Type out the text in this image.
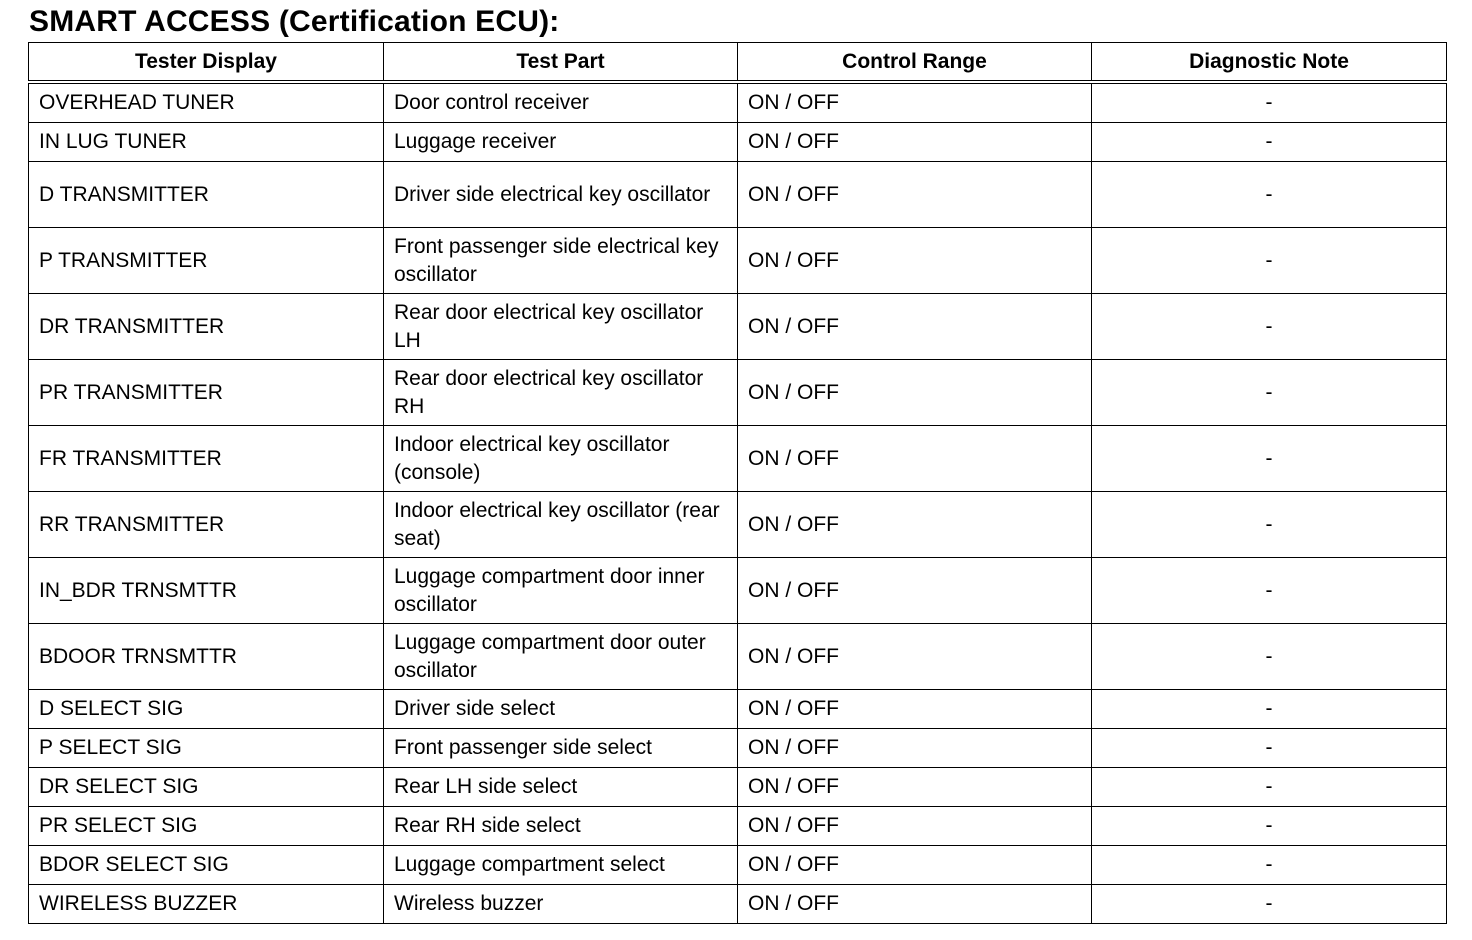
SMART ACCESS (Certification ECU):
Tester Display	Test Part	Control Range	Diagnostic Note
OVERHEAD TUNER	Door control receiver	ON / OFF	-
IN LUG TUNER	Luggage receiver	ON / OFF	-
D TRANSMITTER	Driver side electrical key oscillator	ON / OFF	-
P TRANSMITTER	Front passenger side electrical key oscillator	ON / OFF	-
DR TRANSMITTER	Rear door electrical key oscillator LH	ON / OFF	-
PR TRANSMITTER	Rear door electrical key oscillator RH	ON / OFF	-
FR TRANSMITTER	Indoor electrical key oscillator (console)	ON / OFF	-
RR TRANSMITTER	Indoor electrical key oscillator (rear seat)	ON / OFF	-
IN_BDR TRNSMTTR	Luggage compartment door inner oscillator	ON / OFF	-
BDOOR TRNSMTTR	Luggage compartment door outer oscillator	ON / OFF	-
D SELECT SIG	Driver side select	ON / OFF	-
P SELECT SIG	Front passenger side select	ON / OFF	-
DR SELECT SIG	Rear LH side select	ON / OFF	-
PR SELECT SIG	Rear RH side select	ON / OFF	-
BDOR SELECT SIG	Luggage compartment select	ON / OFF	-
WIRELESS BUZZER	Wireless buzzer	ON / OFF	-
